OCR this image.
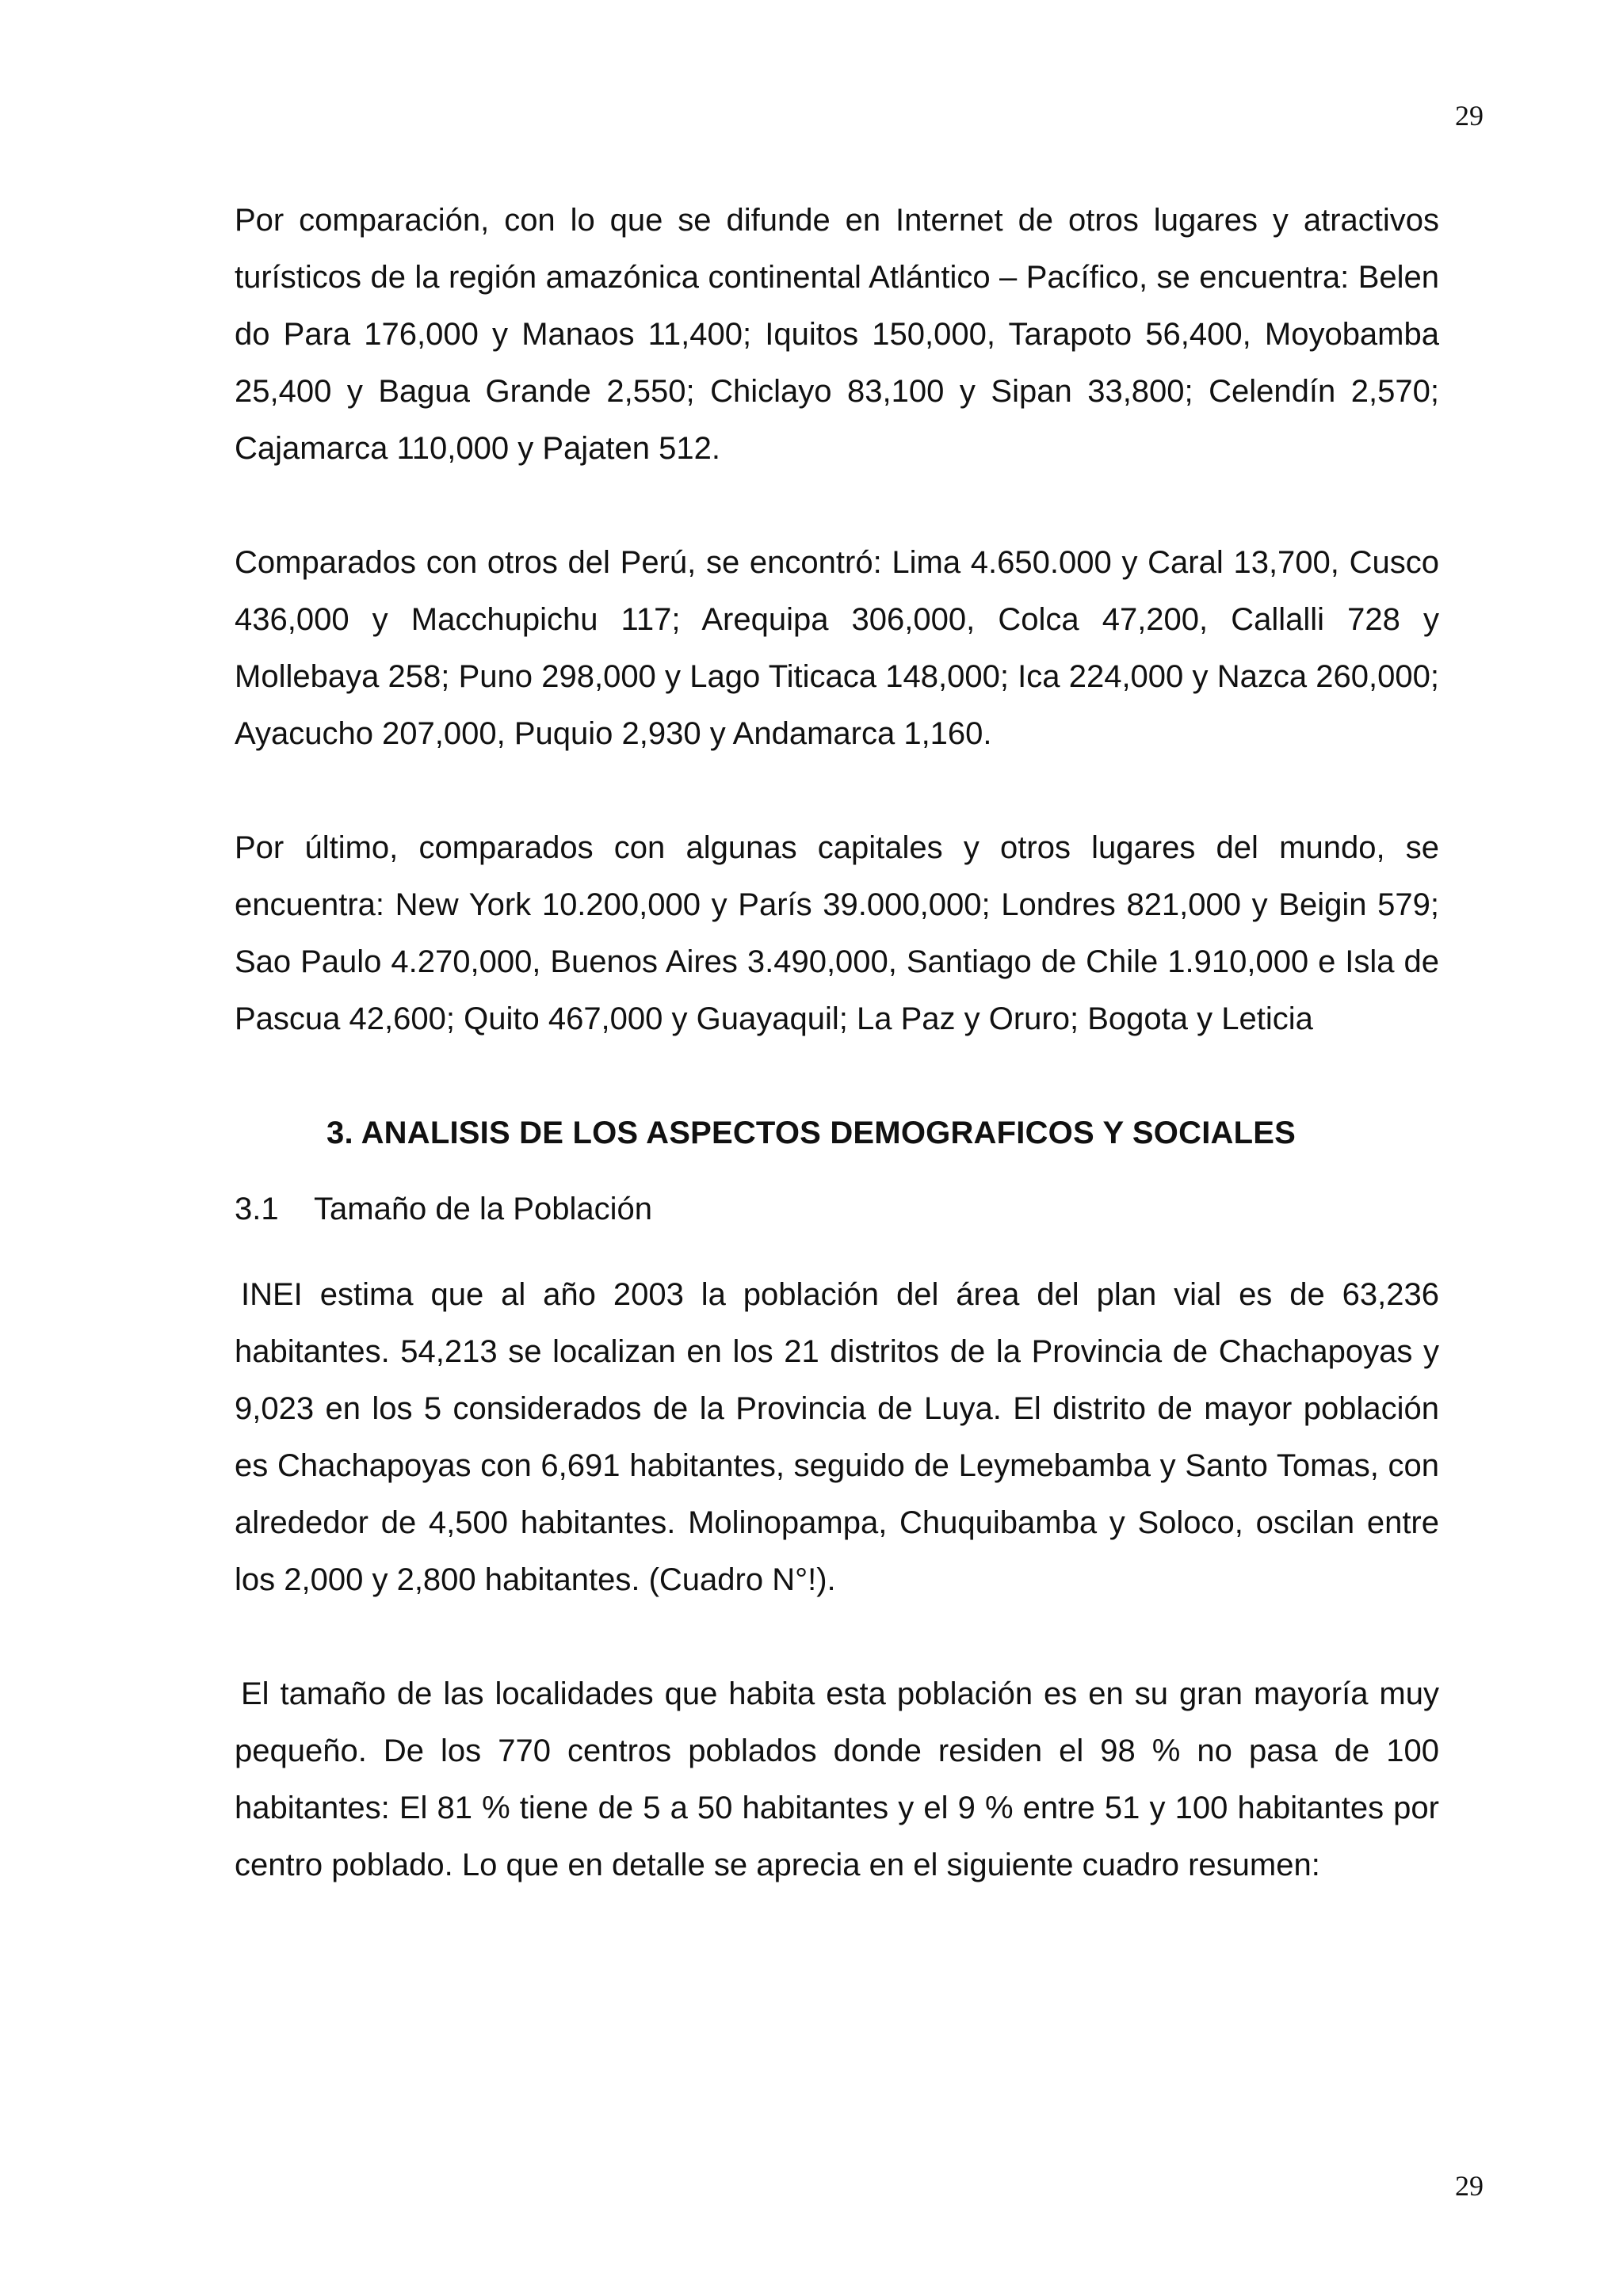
29

Por comparación, con lo que se difunde en Internet de otros lugares y atractivos turísticos de la región amazónica continental Atlántico – Pacífico, se encuentra: Belen do Para 176,000 y Manaos 11,400; Iquitos 150,000, Tarapoto 56,400, Moyobamba 25,400 y Bagua Grande 2,550; Chiclayo 83,100 y Sipan 33,800; Celendín 2,570; Cajamarca 110,000 y Pajaten 512.

Comparados con otros del Perú, se encontró: Lima 4.650.000 y Caral 13,700, Cusco 436,000 y Macchupichu 117; Arequipa 306,000, Colca 47,200, Callalli 728 y Mollebaya 258; Puno 298,000 y Lago Titicaca 148,000; Ica 224,000 y Nazca 260,000; Ayacucho 207,000, Puquio 2,930 y Andamarca 1,160.

Por último, comparados con algunas capitales y otros lugares del mundo, se encuentra: New York 10.200,000 y París 39.000,000; Londres 821,000 y Beigin 579; Sao Paulo 4.270,000, Buenos Aires 3.490,000, Santiago de Chile 1.910,000 e Isla de Pascua 42,600; Quito 467,000 y Guayaquil; La Paz y Oruro; Bogota y Leticia

3. ANALISIS DE LOS ASPECTOS DEMOGRAFICOS Y SOCIALES

3.1 Tamaño de la Población

INEI estima que al año 2003 la población del área del plan vial es de 63,236 habitantes. 54,213 se localizan en los 21 distritos de la Provincia de Chachapoyas y 9,023 en los 5 considerados de la Provincia de Luya. El distrito de mayor población es Chachapoyas con 6,691 habitantes, seguido de Leymebamba y Santo Tomas, con alrededor de 4,500 habitantes. Molinopampa, Chuquibamba y Soloco, oscilan entre los 2,000 y 2,800 habitantes. (Cuadro N°!).

El tamaño de las localidades que habita esta población es en su gran mayoría muy pequeño. De los 770 centros poblados donde residen el 98 % no pasa de 100 habitantes: El 81 % tiene de 5 a 50 habitantes y el 9 % entre 51 y 100 habitantes por centro poblado. Lo que en detalle se aprecia en el siguiente cuadro resumen:

29
